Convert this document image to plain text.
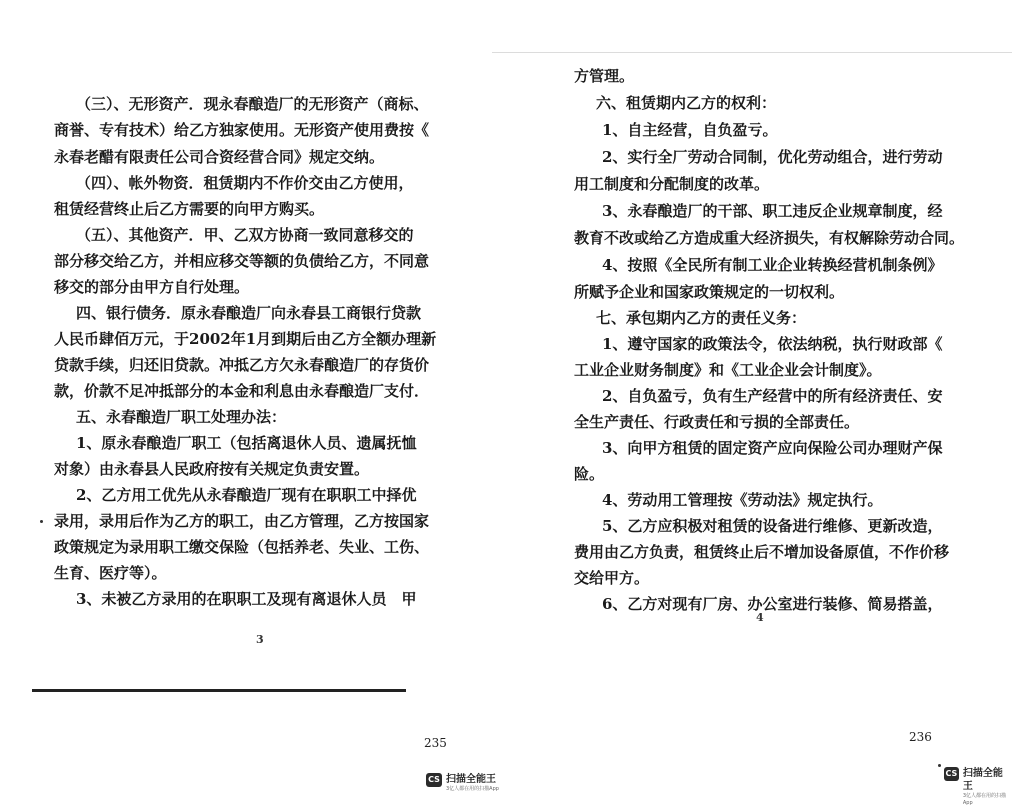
（三）、无形资产．现永春酿造厂的无形资产（商标、
商誉、专有技术）给乙方独家使用。无形资产使用费按《
永春老醋有限责任公司合资经营合同》规定交纳。
（四）、帐外物资．租赁期内不作价交由乙方使用，
租赁经营终止后乙方需要的向甲方购买。
（五）、其他资产．甲、乙双方协商一致同意移交的
部分移交给乙方，并相应移交等额的负债给乙方，不同意
移交的部分由甲方自行处理。
四、银行债务．原永春酿造厂向永春县工商银行贷款
人民币肆佰万元，于2002年1月到期后由乙方全额办理新
贷款手续，归还旧贷款。冲抵乙方欠永春酿造厂的存货价
款，价款不足冲抵部分的本金和利息由永春酿造厂支付．
五、永春酿造厂职工处理办法：
1、原永春酿造厂职工（包括离退休人员、遗属抚恤
对象）由永春县人民政府按有关规定负责安置。
2、乙方用工优先从永春酿造厂现有在职职工中择优
录用，录用后作为乙方的职工，由乙方管理，乙方按国家
政策规定为录用职工缴交保险（包括养老、失业、工伤、
生育、医疗等）。
3、未被乙方录用的在职职工及现有离退休人员　甲
3
235
方管理。
六、租赁期内乙方的权利：
1、自主经营，自负盈亏。
2、实行全厂劳动合同制，优化劳动组合，进行劳动
用工制度和分配制度的改革。
3、永春酿造厂的干部、职工违反企业规章制度，经
教育不改或给乙方造成重大经济损失，有权解除劳动合同。
4、按照《全民所有制工业企业转换经营机制条例》
所赋予企业和国家政策规定的一切权利。
七、承包期内乙方的责任义务：
1、遵守国家的政策法令，依法纳税，执行财政部《
工业企业财务制度》和《工业企业会计制度》。
2、自负盈亏，负有生产经营中的所有经济责任、安
全生产责任、行政责任和亏损的全部责任。
3、向甲方租赁的固定资产应向保险公司办理财产保
险。
4、劳动用工管理按《劳动法》规定执行。
5、乙方应积极对租赁的设备进行维修、更新改造，
费用由乙方负责，租赁终止后不增加设备原值，不作价移
交给甲方。
6、乙方对现有厂房、办公室进行装修、简易搭盖，
4
236
CS 扫描全能王
3亿人都在用的扫描App
CS 扫描全能王
3亿人都在用的扫描App
